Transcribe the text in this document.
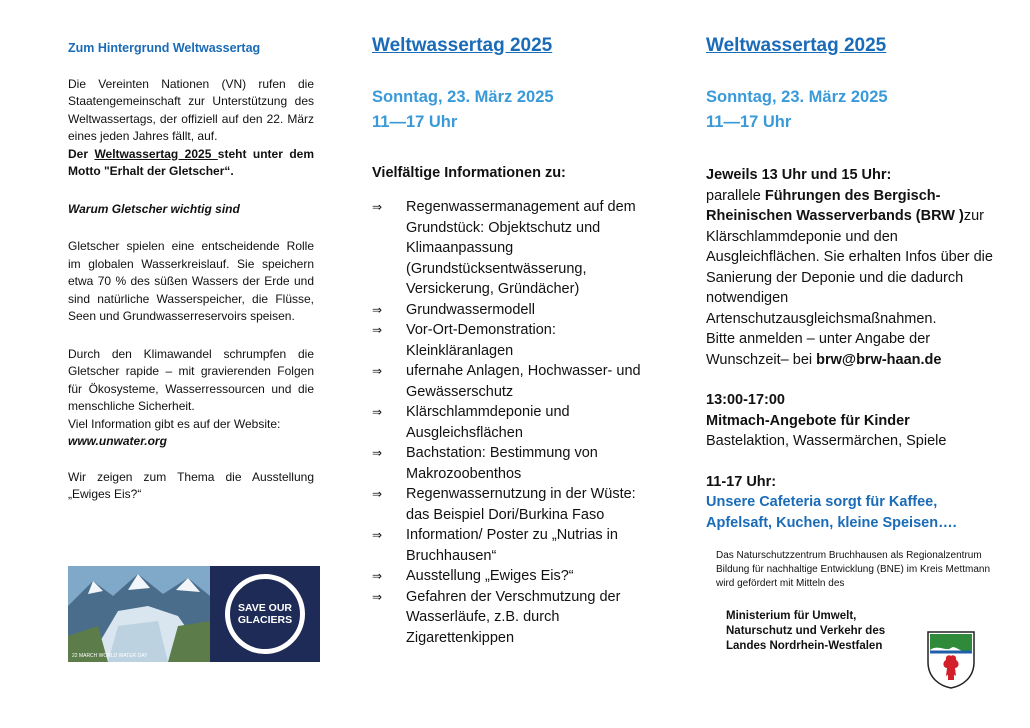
Zum Hintergrund Weltwassertag

Die Vereinten Nationen (VN) rufen die Staatengemeinschaft zur Unterstützung des Weltwassertags, der offiziell auf den 22. März eines jeden Jahres fällt, auf.

Der Weltwassertag 2025 steht unter dem Motto "Erhalt der Gletscher“.

Warum Gletscher wichtig sind

Gletscher spielen eine entscheidende Rolle im globalen Wasserkreislauf. Sie speichern etwa 70 % des süßen Wassers der Erde und sind natürliche Wasserspeicher, die Flüsse, Seen und Grundwasserreservoirs speisen.

Durch den Klimawandel schrumpfen die Gletscher rapide – mit gravierenden Folgen für Ökosysteme, Wasserressourcen und die menschliche Sicherheit.

Viel Information gibt es auf der Website:

www.unwater.org

Wir zeigen zum Thema die Ausstellung „Ewiges Eis?“

22 MARCH WORLD WATER DAY
SAVE OUR GLACIERS
Weltwassertag 2025
Sonntag, 23. März 2025
11—17 Uhr
Vielfältige Informationen zu:
⇒	Regenwassermanagement auf dem Grundstück: Objektschutz und Klimaanpassung (Grundstücksentwässerung, Versickerung, Gründächer)
⇒	Grundwassermodell
⇒	Vor-Ort-Demonstration: Kleinkläranlagen
⇒	ufernahe Anlagen, Hochwasser- und Gewässerschutz
⇒	Klärschlammdeponie und Ausgleichsflächen
⇒	Bachstation: Bestimmung von Makrozoobenthos
⇒	Regenwassernutzung in der Wüste: das Beispiel Dori/Burkina Faso
⇒	Information/ Poster zu „Nutrias in Bruchhausen“
⇒	Ausstellung „Ewiges Eis?“
⇒	Gefahren der Verschmutzung der Wasserläufe, z.B. durch Zigarettenkippen
Weltwassertag 2025
Sonntag, 23. März 2025
11—17 Uhr
Jeweils 13 Uhr und 15 Uhr:
parallele Führungen des Bergisch-Rheinischen Wasserverbands (BRW )zur Klärschlammdeponie und den Ausgleichflächen. Sie erhalten Infos über die Sanierung der Deponie und die dadurch notwendigen Artenschutzausgleichsmaßnahmen.
Bitte anmelden – unter Angabe der Wunschzeit– bei brw@brw-haan.de
13:00-17:00
Mitmach-Angebote für Kinder
Bastelaktion, Wassermärchen, Spiele
11-17 Uhr:
Unsere Cafeteria sorgt für Kaffee, Apfelsaft, Kuchen, kleine Speisen….
Das Naturschutzzentrum Bruchhausen als Regionalzentrum Bildung für nachhaltige Entwicklung (BNE) im Kreis Mettmann wird gefördert mit Mitteln des
Ministerium für Umwelt, Naturschutz und Verkehr des Landes Nordrhein-Westfalen
